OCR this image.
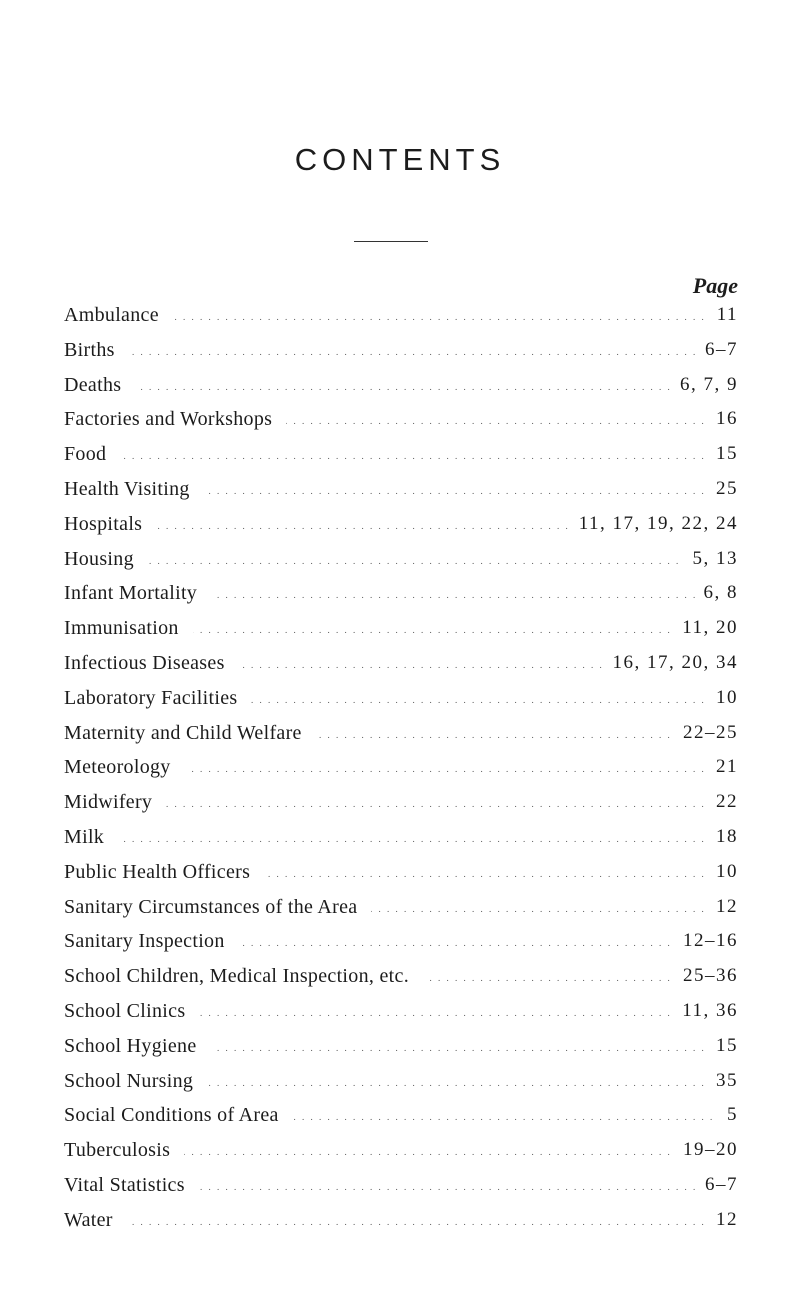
CONTENTS
Page
. . . Ambulance	11
. . . Births	6–7
. . . Deaths	6, 7, 9
. . . Factories and Workshops	16
. . . Food	15
. . . Health Visiting	25
. . . Hospitals	11, 17, 19, 22, 24
. . . Housing	5, 13
. . . Infant Mortality	6, 8
. . . Immunisation	11, 20
. . . Infectious Diseases	16, 17, 20, 34
. . . Laboratory Facilities	10
. . . Maternity and Child Welfare	22–25
. . . Meteorology	21
. . . Midwifery	22
. . . Milk	18
. . . Public Health Officers	10
. . . Sanitary Circumstances of the Area	12
. . . Sanitary Inspection	12–16
. . . School Children, Medical Inspection, etc.	25–36
. . . School Clinics	11, 36
. . . School Hygiene	15
. . . School Nursing	35
. . . Social Conditions of Area	5
. . . Tuberculosis	19–20
. . . Vital Statistics	6–7
. . . Water	12
